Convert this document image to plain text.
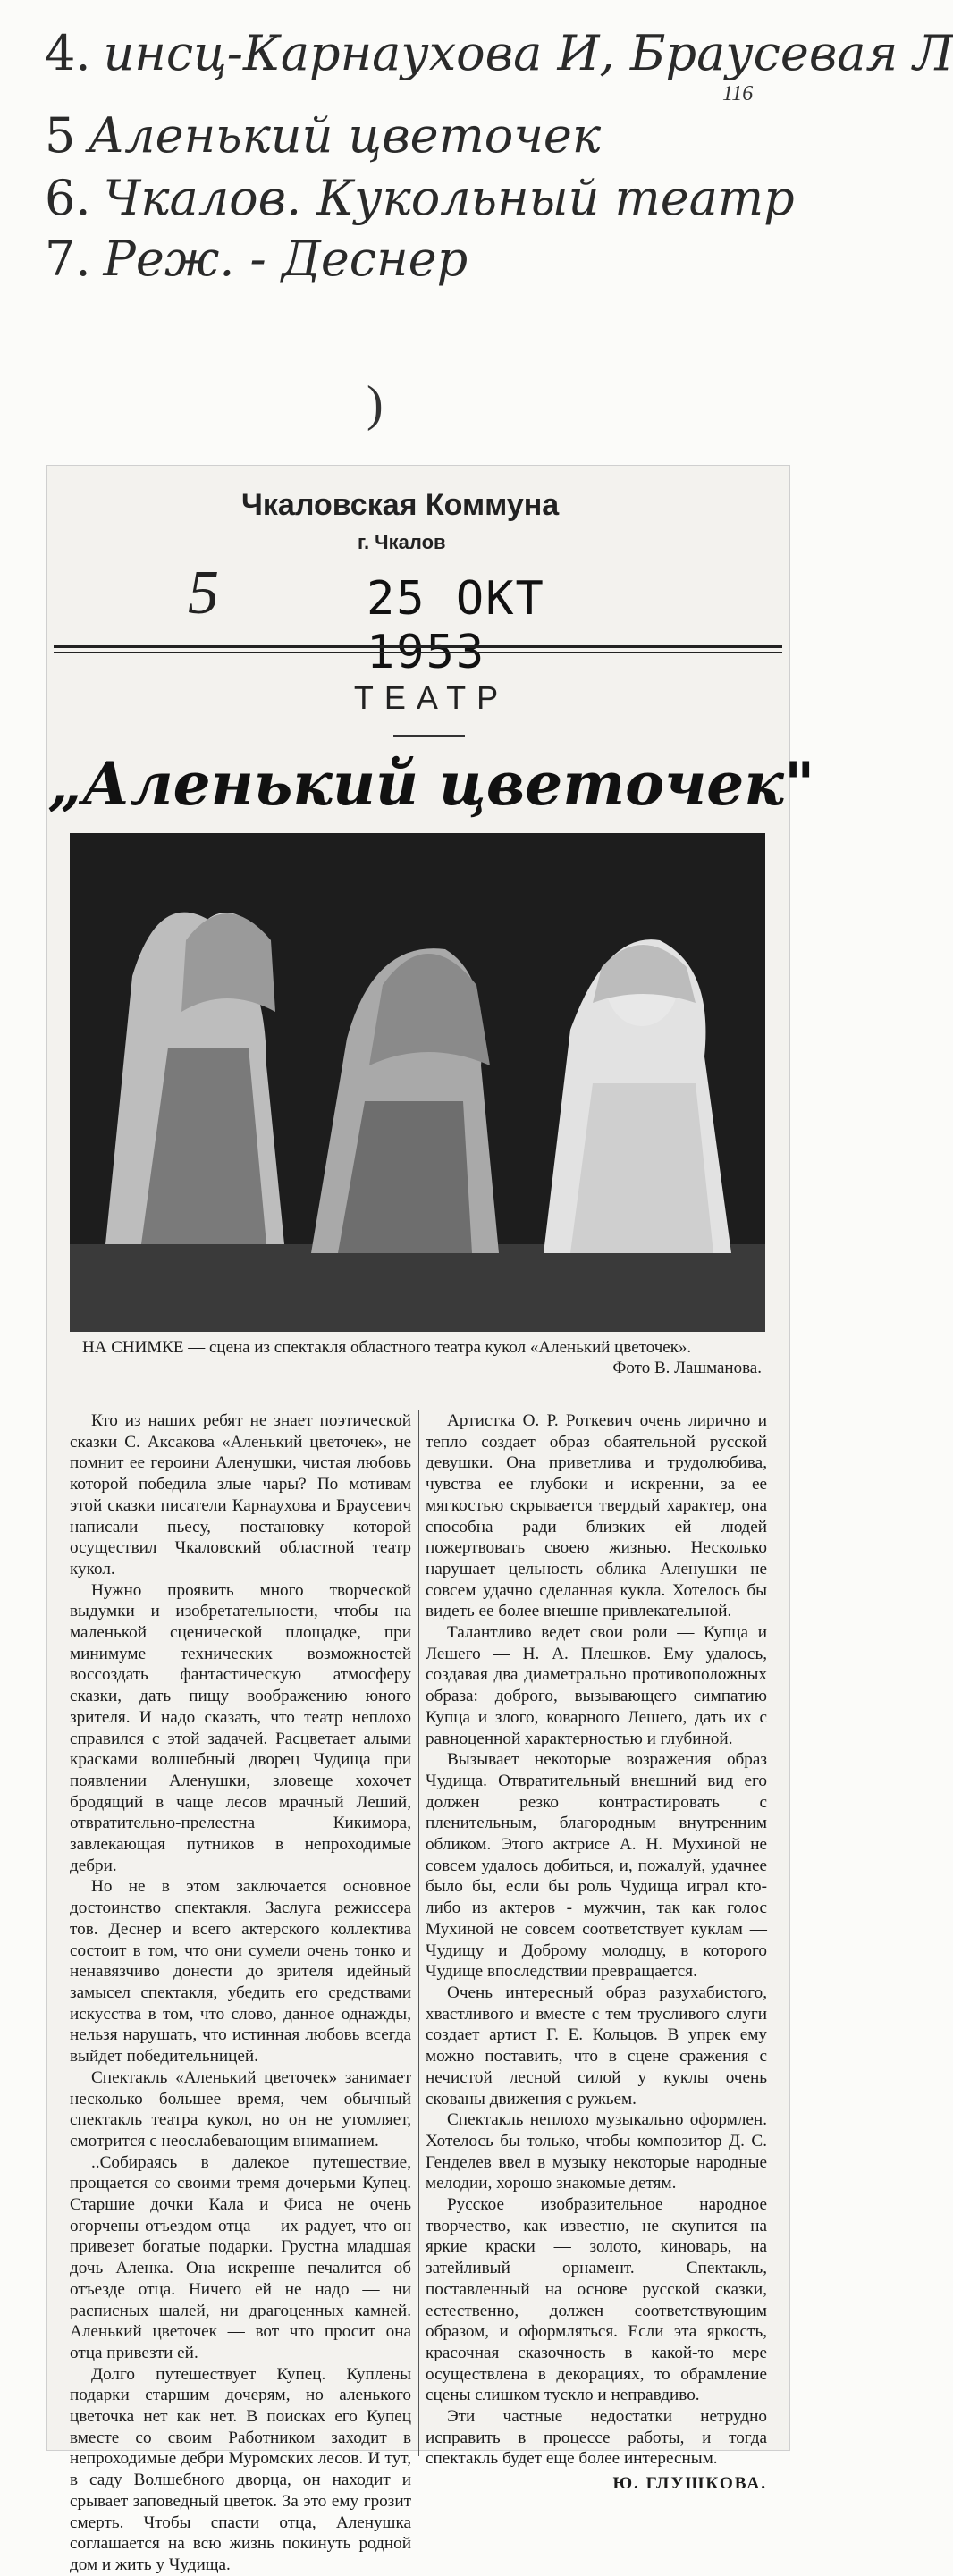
4. инсц-Карнаухова И, Браусевая Л
116
5 Аленький цветочек
6. Чкалов. Кукольный театр
7. Реж. - Деснер
)
Чкаловская Коммуна
г. Чкалов
5	25 ОКТ 1953
ТЕАТР
„Аленький цветочек"
НА СНИМКЕ — сцена из спектакля областного театра кукол «Аленький цветочек».
Фото В. Лашманова.

Кто из наших ребят не знает поэтической сказки С. Аксакова «Аленький цветочек», не помнит ее героини Аленушки, чистая любовь которой победила злые чары? По мотивам этой сказки писатели Карнаухова и Браусевич написали пьесу, постановку которой осуществил Чкаловский областной театр кукол.

Нужно проявить много творческой выдумки и изобретательности, чтобы на маленькой сценической площадке, при минимуме технических возможностей воссоздать фантастическую атмосферу сказки, дать пищу воображению юного зрителя. И надо сказать, что театр неплохо справился с этой задачей. Расцветает алыми красками волшебный дворец Чудища при появлении Аленушки, зловеще хохочет бродящий в чаще лесов мрачный Леший, отвратительно-прелестна Кикимора, завлекающая путников в непроходимые дебри.

Но не в этом заключается основное достоинство спектакля. Заслуга режиссера тов. Деснер и всего актерского коллектива состоит в том, что они сумели очень тонко и ненавязчиво донести до зрителя идейный замысел спектакля, убедить его средствами искусства в том, что слово, данное однажды, нельзя нарушать, что истинная любовь всегда выйдет победительницей.

Спектакль «Аленький цветочек» занимает несколько большее время, чем обычный спектакль театра кукол, но он не утомляет, смотрится с неослабевающим вниманием.

..Собираясь в далекое путешествие, прощается со своими тремя дочерьми Купец. Старшие дочки Кала и Фиса не очень огорчены отъездом отца — их радует, что он привезет богатые подарки. Грустна младшая дочь Аленка. Она искренне печалится об отъезде отца. Ничего ей не надо — ни расписных шалей, ни драгоценных камней. Аленький цветочек — вот что просит она отца привезти ей.

Долго путешествует Купец. Куплены подарки старшим дочерям, но аленького цветочка нет как нет. В поисках его Купец вместе со своим Работником заходит в непроходимые дебри Муромских лесов. И тут, в саду Волшебного дворца, он находит и срывает заповедный цветок. За это ему грозит смерть. Чтобы спасти отца, Аленушка соглашается на всю жизнь покинуть родной дом и жить у Чудища.

Артистка О. Р. Роткевич очень лирично и тепло создает образ обаятельной русской девушки. Она приветлива и трудолюбива, чувства ее глубоки и искренни, за ее мягкостью скрывается твердый характер, она способна ради близких ей людей пожертвовать своею жизнью. Несколько нарушает цельность облика Аленушки не совсем удачно сделанная кукла. Хотелось бы видеть ее более внешне привлекательной.

Талантливо ведет свои роли — Купца и Лешего — Н. А. Плешков. Ему удалось, создавая два диаметрально противоположных образа: доброго, вызывающего симпатию Купца и злого, коварного Лешего, дать их с равноценной характерностью и глубиной.

Вызывает некоторые возражения образ Чудища. Отвратительный внешний вид его должен резко контрастировать с пленительным, благородным внутренним обликом. Этого актрисе А. Н. Мухиной не совсем удалось добиться, и, пожалуй, удачнее было бы, если бы роль Чудища играл кто-либо из актеров - мужчин, так как голос Мухиной не совсем соответствует куклам — Чудищу и Доброму молодцу, в которого Чудище впоследствии превращается.

Очень интересный образ разухабистого, хвастливого и вместе с тем трусливого слуги создает артист Г. Е. Кольцов. В упрек ему можно поставить, что в сцене сражения с нечистой лесной силой у куклы очень скованы движения с ружьем.

Спектакль неплохо музыкально оформлен. Хотелось бы только, чтобы композитор Д. С. Генделев ввел в музыку некоторые народные мелодии, хорошо знакомые детям.

Русское изобразительное народное творчество, как известно, не скупится на яркие краски — золото, киноварь, на затейливый орнамент. Спектакль, поставленный на основе русской сказки, естественно, должен соответствующим образом, и оформляться. Если эта яркость, красочная сказочность в какой-то мере осуществлена в декорациях, то обрамление сцены слишком тускло и неправдиво.

Эти частные недостатки нетрудно исправить в процессе работы, и тогда спектакль будет еще более интересным.

Ю. ГЛУШКОВА.
